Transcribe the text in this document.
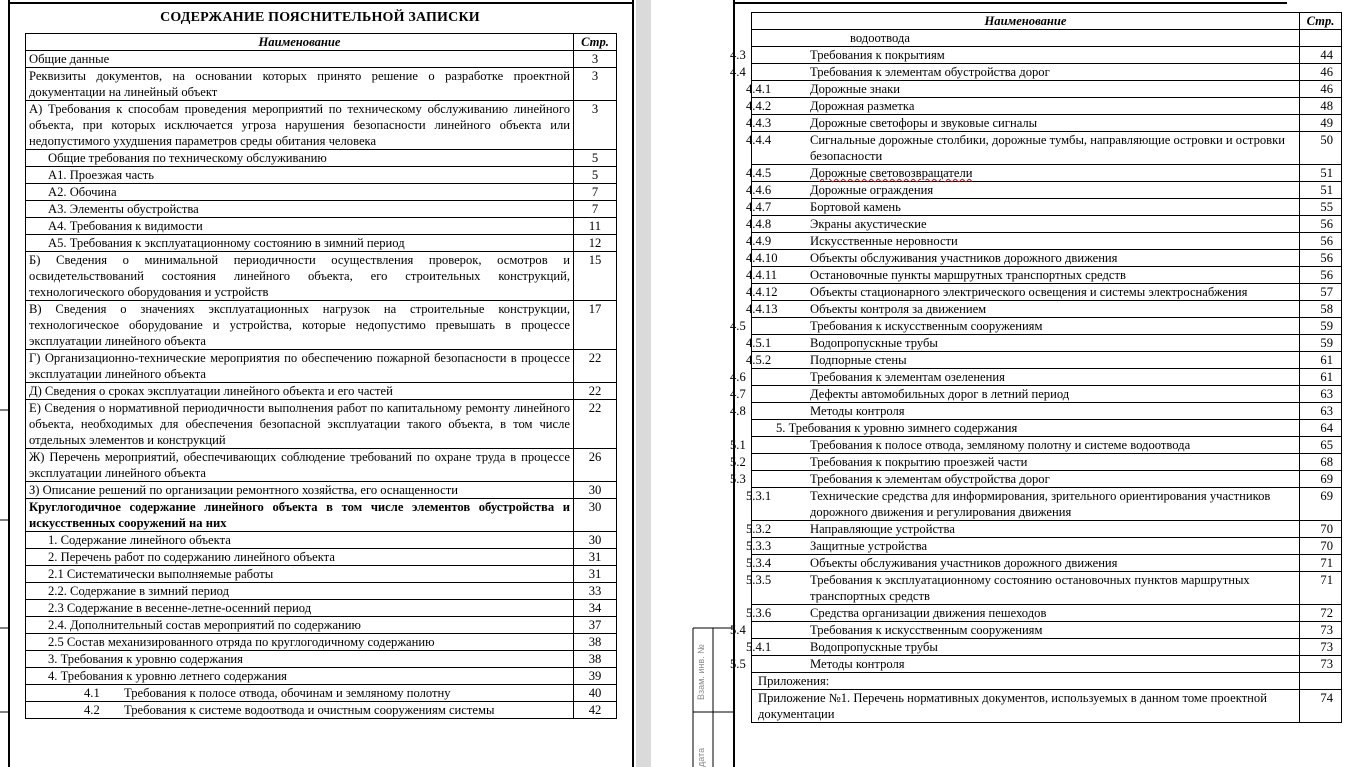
СОДЕРЖАНИЕ ПОЯСНИТЕЛЬНОЙ ЗАПИСКИ
Наименование	Стр.
Общие данные	3
Реквизиты документов, на основании которых принято решение о разработке проектной документации на линейный объект	3
А) Требования к способам проведения мероприятий по техническому обслуживанию линейного объекта, при которых исключается угроза нарушения безопасности линейного объекта или недопустимого ухудшения параметров среды обитания человека	3
Общие требования по техническому обслуживанию	5
А1. Проезжая часть	5
А2. Обочина	7
А3. Элементы обустройства	7
А4. Требования к видимости	11
А5. Требования к эксплуатационному состоянию в зимний период	12
Б) Сведения о минимальной периодичности осуществления проверок, осмотров и освидетельствований состояния линейного объекта, его строительных конструкций, технологического оборудования и устройств	15
В) Сведения о значениях эксплуатационных нагрузок на строительные конструкции, технологическое оборудование и устройства, которые недопустимо превышать в процессе эксплуатации линейного объекта	17
Г) Организационно-технические мероприятия по обеспечению пожарной безопасности в процессе эксплуатации линейного объекта	22
Д) Сведения о сроках эксплуатации линейного объекта и его частей	22
Е) Сведения о нормативной периодичности выполнения работ по капитальному ремонту линейного объекта, необходимых для обеспечения безопасной эксплуатации такого объекта, в том числе отдельных элементов и конструкций	22
Ж) Перечень мероприятий, обеспечивающих соблюдение требований по охране труда в процессе эксплуатации линейного объекта	26
З) Описание решений по организации ремонтного хозяйства, его оснащенности	30
Круглогодичное содержание линейного объекта в том числе элементов обустройства и искусственных сооружений на них	30
1. Содержание линейного объекта	30
2. Перечень работ по содержанию линейного объекта	31
2.1 Систематически выполняемые работы	31
2.2. Содержание в зимний период	33
2.3 Содержание в весенне-летне-осенний период	34
2.4. Дополнительный состав мероприятий по содержанию	37
2.5 Состав механизированного отряда по круглогодичному содержанию	38
3. Требования к уровню содержания	38
4. Требования к уровню летнего содержания	39
4.1 Требования к полосе отвода, обочинам и земляному полотну	40
4.2 Требования к системе водоотвода и очистным сооружениям системы	42
Взам. инв. №
дата
Наименование	Стр.
водоотвода	
4.3 Требования к покрытиям	44
4.4 Требования к элементам обустройства дорог	46
4.4.1 Дорожные знаки	46
4.4.2 Дорожная разметка	48
4.4.3 Дорожные светофоры и звуковые сигналы	49
4.4.4 Сигнальные дорожные столбики, дорожные тумбы, направляющие островки и островки безопасности	50
4.4.5 Дорожные световозвращатели	51
4.4.6 Дорожные ограждения	51
4.4.7 Бортовой камень	55
4.4.8 Экраны акустические	56
4.4.9 Искусственные неровности	56
4.4.10 Объекты обслуживания участников дорожного движения	56
4.4.11 Остановочные пункты маршрутных транспортных средств	56
4.4.12 Объекты стационарного электрического освещения и системы электроснабжения	57
4.4.13 Объекты контроля за движением	58
4.5 Требования к искусственным сооружениям	59
4.5.1 Водопропускные трубы	59
4.5.2 Подпорные стены	61
4.6 Требования к элементам озеленения	61
4.7 Дефекты автомобильных дорог в летний период	63
4.8 Методы контроля	63
5. Требования к уровню зимнего содержания	64
5.1 Требования к полосе отвода, земляному полотну и системе водоотвода	65
5.2 Требования к покрытию проезжей части	68
5.3 Требования к элементам обустройства дорог	69
5.3.1 Технические средства для информирования, зрительного ориентирования участников дорожного движения и регулирования движения	69
5.3.2 Направляющие устройства	70
5.3.3 Защитные устройства	70
5.3.4 Объекты обслуживания участников дорожного движения	71
5.3.5 Требования к эксплуатационному состоянию остановочных пунктов маршрутных транспортных средств	71
5.3.6 Средства организации движения пешеходов	72
5.4 Требования к искусственным сооружениям	73
5.4.1 Водопропускные трубы	73
5.5 Методы контроля	73
Приложения:	
Приложение №1. Перечень нормативных документов, используемых в данном томе проектной документации	74
